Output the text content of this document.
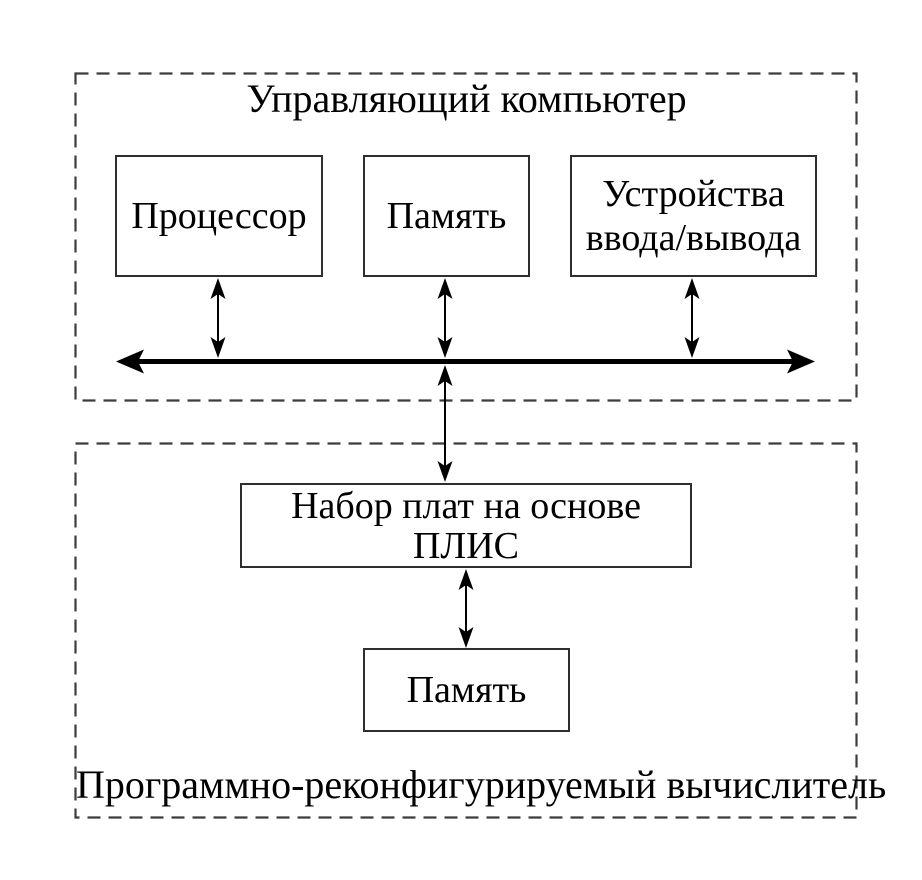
Управляющий компьютер
Программно-реконфигурируемый вычислитель
Процессор Память
Устройства
ввода/вывода
Набор плат на основе
ПЛИС
Память
